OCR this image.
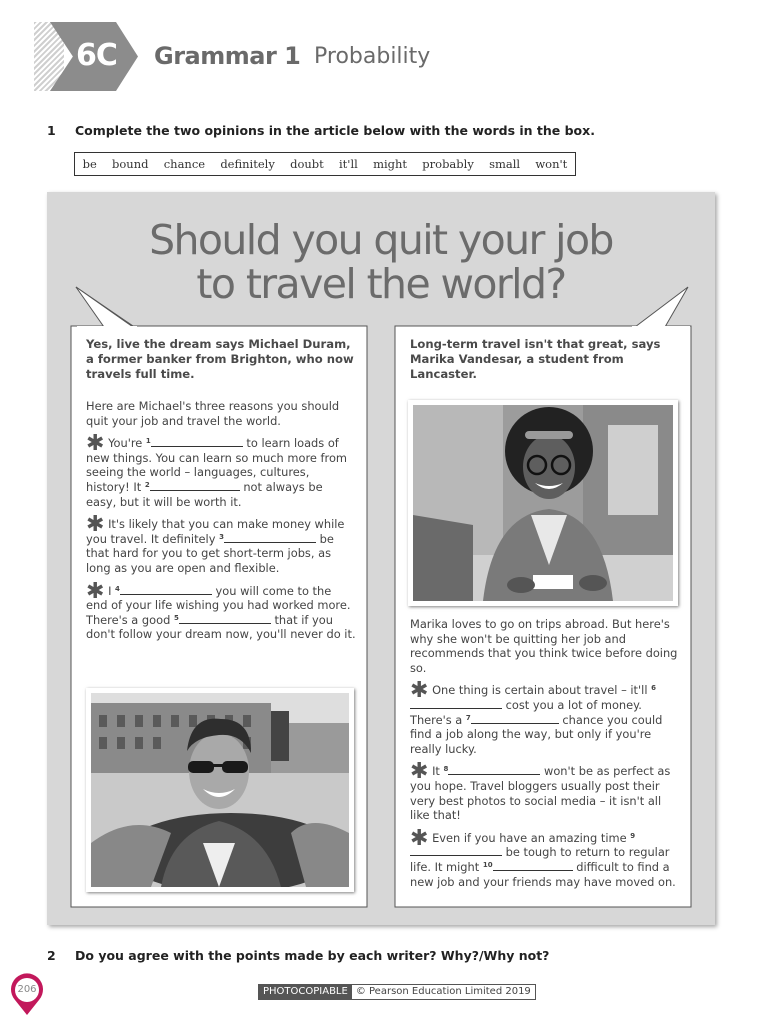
6C Grammar 1 Probability
1 Complete the two opinions in the article below with the words in the box.
be bound chance definitely doubt it'll might probably small won't
Should you quit your job
to travel the world?
Yes, live the dream says Michael Duram, a former banker from Brighton, who now travels full time.
Here are Michael's three reasons you should quit your job and travel the world.
✱ You're $^1$	to learn loads of new things. You can learn so much more from seeing the world – languages, cultures, history! It $^2$	not always be easy, but it will be worth it.
✱ It's likely that you can make money while you travel. It definitely $^3$	be that hard for you to get short-term jobs, as long as you are open and flexible.
✱ I $^4$	you will come to the end of your life wishing you had worked more. There's a good $^5$	that if you don't follow your dream now, you'll never do it.
Long-term travel isn't that great, says Marika Vandesar, a student from Lancaster.
Marika loves to go on trips abroad. But here's why she won't be quitting her job and recommends that you think twice before doing so.
✱ One thing is certain about travel – it'll $^6$ cost you a lot of money. There's a $^7$	chance you could find a job along the way, but only if you're really lucky.
✱ It $^8$	won't be as perfect as you hope. Travel bloggers usually post their very best photos to social media – it isn't all like that!
✱ Even if you have an amazing time $^9$ be tough to return to regular life. It might $^{10}$	difficult to find a new job and your friends may have moved on.
2 Do you agree with the points made by each writer? Why?/Why not?
206	PHOTOCOPIABLE © Pearson Education Limited 2019
